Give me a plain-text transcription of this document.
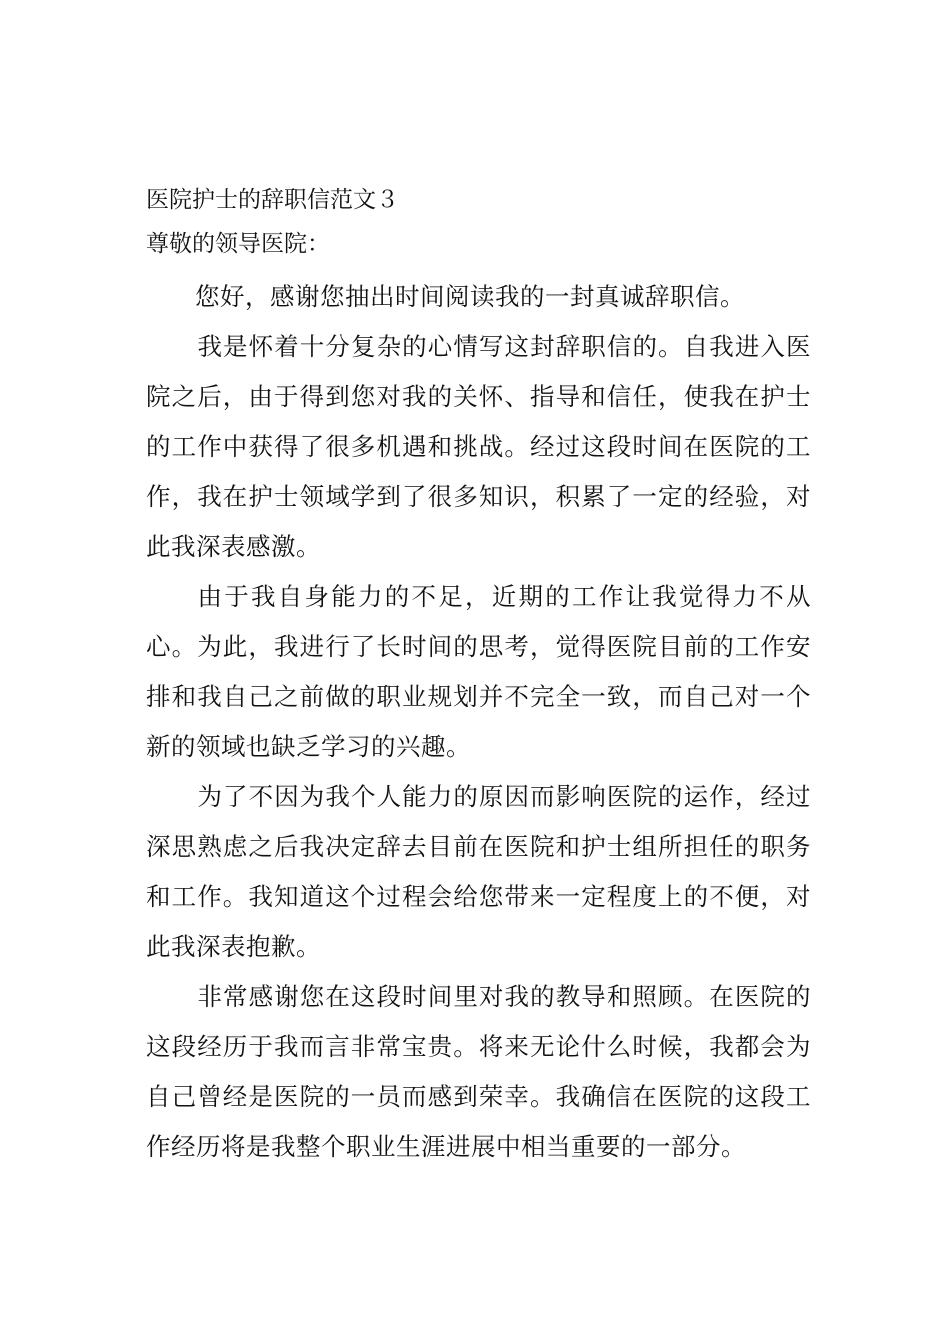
医院护士的辞职信范文３

尊敬的领导医院：

您好，感谢您抽出时间阅读我的一封真诚辞职信。

我是怀着十分复杂的心情写这封辞职信的。自我进入医院之后，由于得到您对我的关怀、指导和信任，使我在护士的工作中获得了很多机遇和挑战。经过这段时间在医院的工作，我在护士领域学到了很多知识，积累了一定的经验，对此我深表感激。

由于我自身能力的不足，近期的工作让我觉得力不从心。为此，我进行了长时间的思考，觉得医院目前的工作安排和我自己之前做的职业规划并不完全一致，而自己对一个新的领域也缺乏学习的兴趣。

为了不因为我个人能力的原因而影响医院的运作，经过深思熟虑之后我决定辞去目前在医院和护士组所担任的职务和工作。我知道这个过程会给您带来一定程度上的不便，对此我深表抱歉。

非常感谢您在这段时间里对我的教导和照顾。在医院的这段经历于我而言非常宝贵。将来无论什么时候，我都会为自己曾经是医院的一员而感到荣幸。我确信在医院的这段工作经历将是我整个职业生涯进展中相当重要的一部分。
